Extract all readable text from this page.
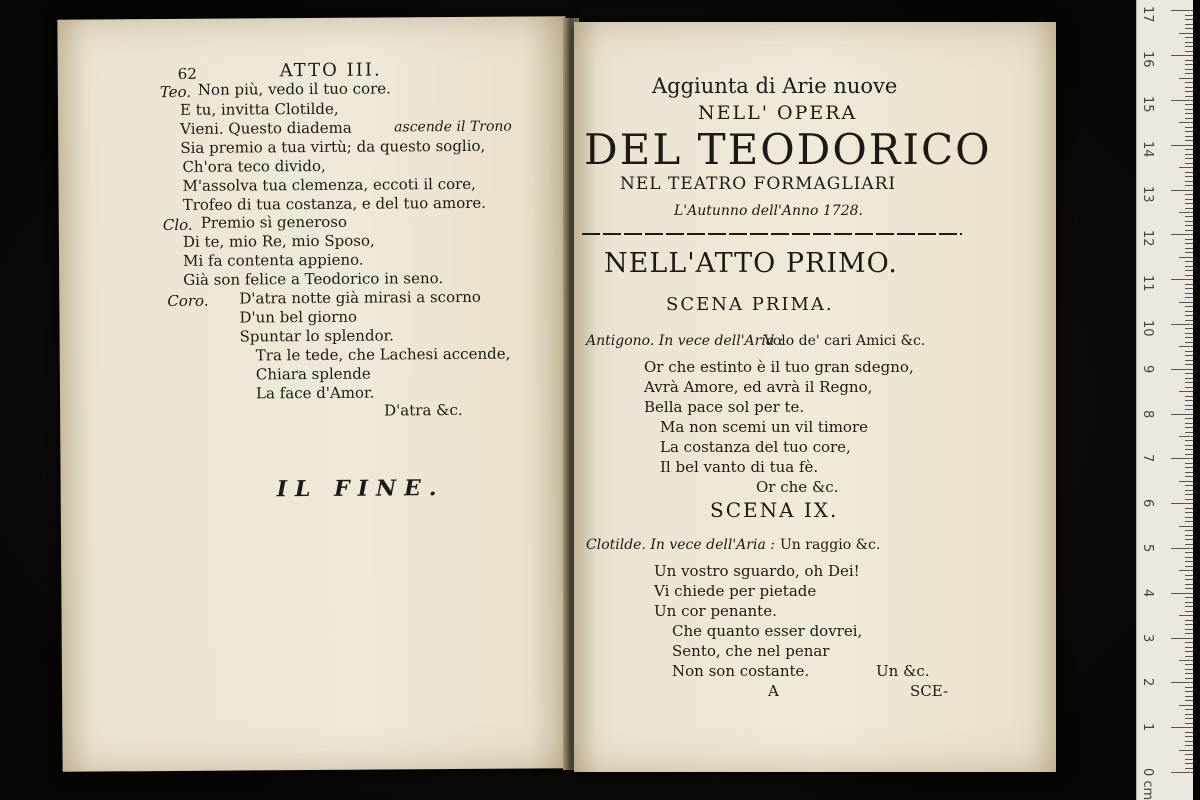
62	ATTO III.
Teo. Non più, vedo il tuo core.
E tu, invitta Clotilde,
Vieni. Questo diadema	ascende il Trono
Sia premio a tua virtù; da questo soglio,
Ch'ora teco divido,
M'assolva tua clemenza, eccoti il core,
Trofeo di tua costanza, e del tuo amore.
Clo. Premio sì generoso
Di te, mio Re, mio Sposo,
Mi fa contenta appieno.
Già son felice a Teodorico in seno.
Coro. D'atra notte già mirasi a scorno
D'un bel giorno
Spuntar lo splendor.
Tra le tede, che Lachesi accende,
Chiara splende
La face d'Amor.
D'atra &c.
IL FINE.
Aggiunta di Arie nuove
NELL' OPERA
DEL TEODORICO
NEL TEATRO FORMAGLIARI
L'Autunno dell'Anno 1728.
NELL'ATTO PRIMO.
SCENA PRIMA.
Antigono. In vece dell'Aria :
Volo de' cari Amici &c.
Or che estinto è il tuo gran sdegno,
Avrà Amore, ed avrà il Regno,
Bella pace sol per te.
Ma non scemi un vil timore
La costanza del tuo core,
Il bel vanto di tua fè.
Or che &c.
SCENA IX.
Clotilde. In vece dell'Aria : Un raggio &c.
Un vostro sguardo, oh Dei!
Vi chiede per pietade
Un cor penante.
Che quanto esser dovrei,
Sento, che nel penar
Non son costante.	Un &c.
A	SCE-
0 cm
1
2
3
4
5
6
7
8
9
10
11
12
13
14
15
16
17
